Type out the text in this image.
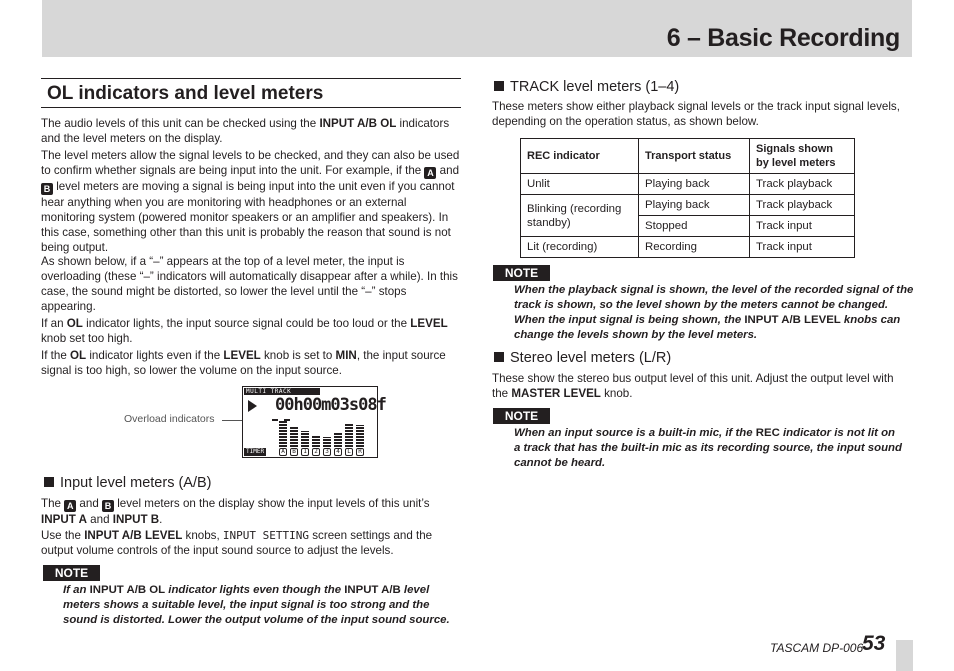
6 – Basic Recording
OL indicators and level meters
The audio levels of this unit can be checked using the INPUT A/B OL indicators and the level meters on the display.
The level meters allow the signal levels to be checked, and they can also be used to confirm whether signals are being input into the unit. For example, if the A and B level meters are moving a signal is being input into the unit even if you cannot hear anything when you are monitoring with headphones or an external monitoring system (powered monitor speakers or an amplifier and speakers). In this case, something other than this unit is probably the reason that sound is not being output.
As shown below, if a “–” appears at the top of a level meter, the input is overloading (these “–” indicators will automatically disappear after a while). In this case, the sound might be distorted, so lower the level until the “–” stops appearing.
If an OL indicator lights, the input source signal could be too loud or the LEVEL knob set too high.
If the OL indicator lights even if the LEVEL knob is set to MIN, the input source signal is too high, so lower the volume on the input source.
Overload indicators
MULTI TRACK
00h00m03s08f
TIMER	A	B	1	2	3	4	L	R
Input level meters (A/B)
The A and B level meters on the display show the input levels of this unit’s INPUT A and INPUT B.
Use the INPUT A/B LEVEL knobs, INPUT SETTING screen settings and the output volume controls of the input sound source to adjust the levels.
NOTE
If an INPUT A/B OL indicator lights even though the INPUT A/B level meters shows a suitable level, the input signal is too strong and the sound is distorted. Lower the output volume of the input sound source.
TRACK level meters (1–4)
These meters show either playback signal levels or the track input signal levels, depending on the operation status, as shown below.
REC indicator	Transport status	Signals shown by level meters
Unlit	Playing back	Track playback
Blinking (recording standby)	Playing back	Track playback
	Stopped	Track input
Lit (recording)	Recording	Track input
NOTE
When the playback signal is shown, the level of the recorded signal of the track is shown, so the level shown by the meters cannot be changed. When the input signal is being shown, the INPUT A/B LEVEL knobs can change the levels shown by the level meters.
Stereo level meters (L/R)
These show the stereo bus output level of this unit. Adjust the output level with the MASTER LEVEL knob.
NOTE
When an input source is a built-in mic, if the REC indicator is not lit on a track that has the built-in mic as its recording source, the input sound cannot be heard.
TASCAM DP-006
53
